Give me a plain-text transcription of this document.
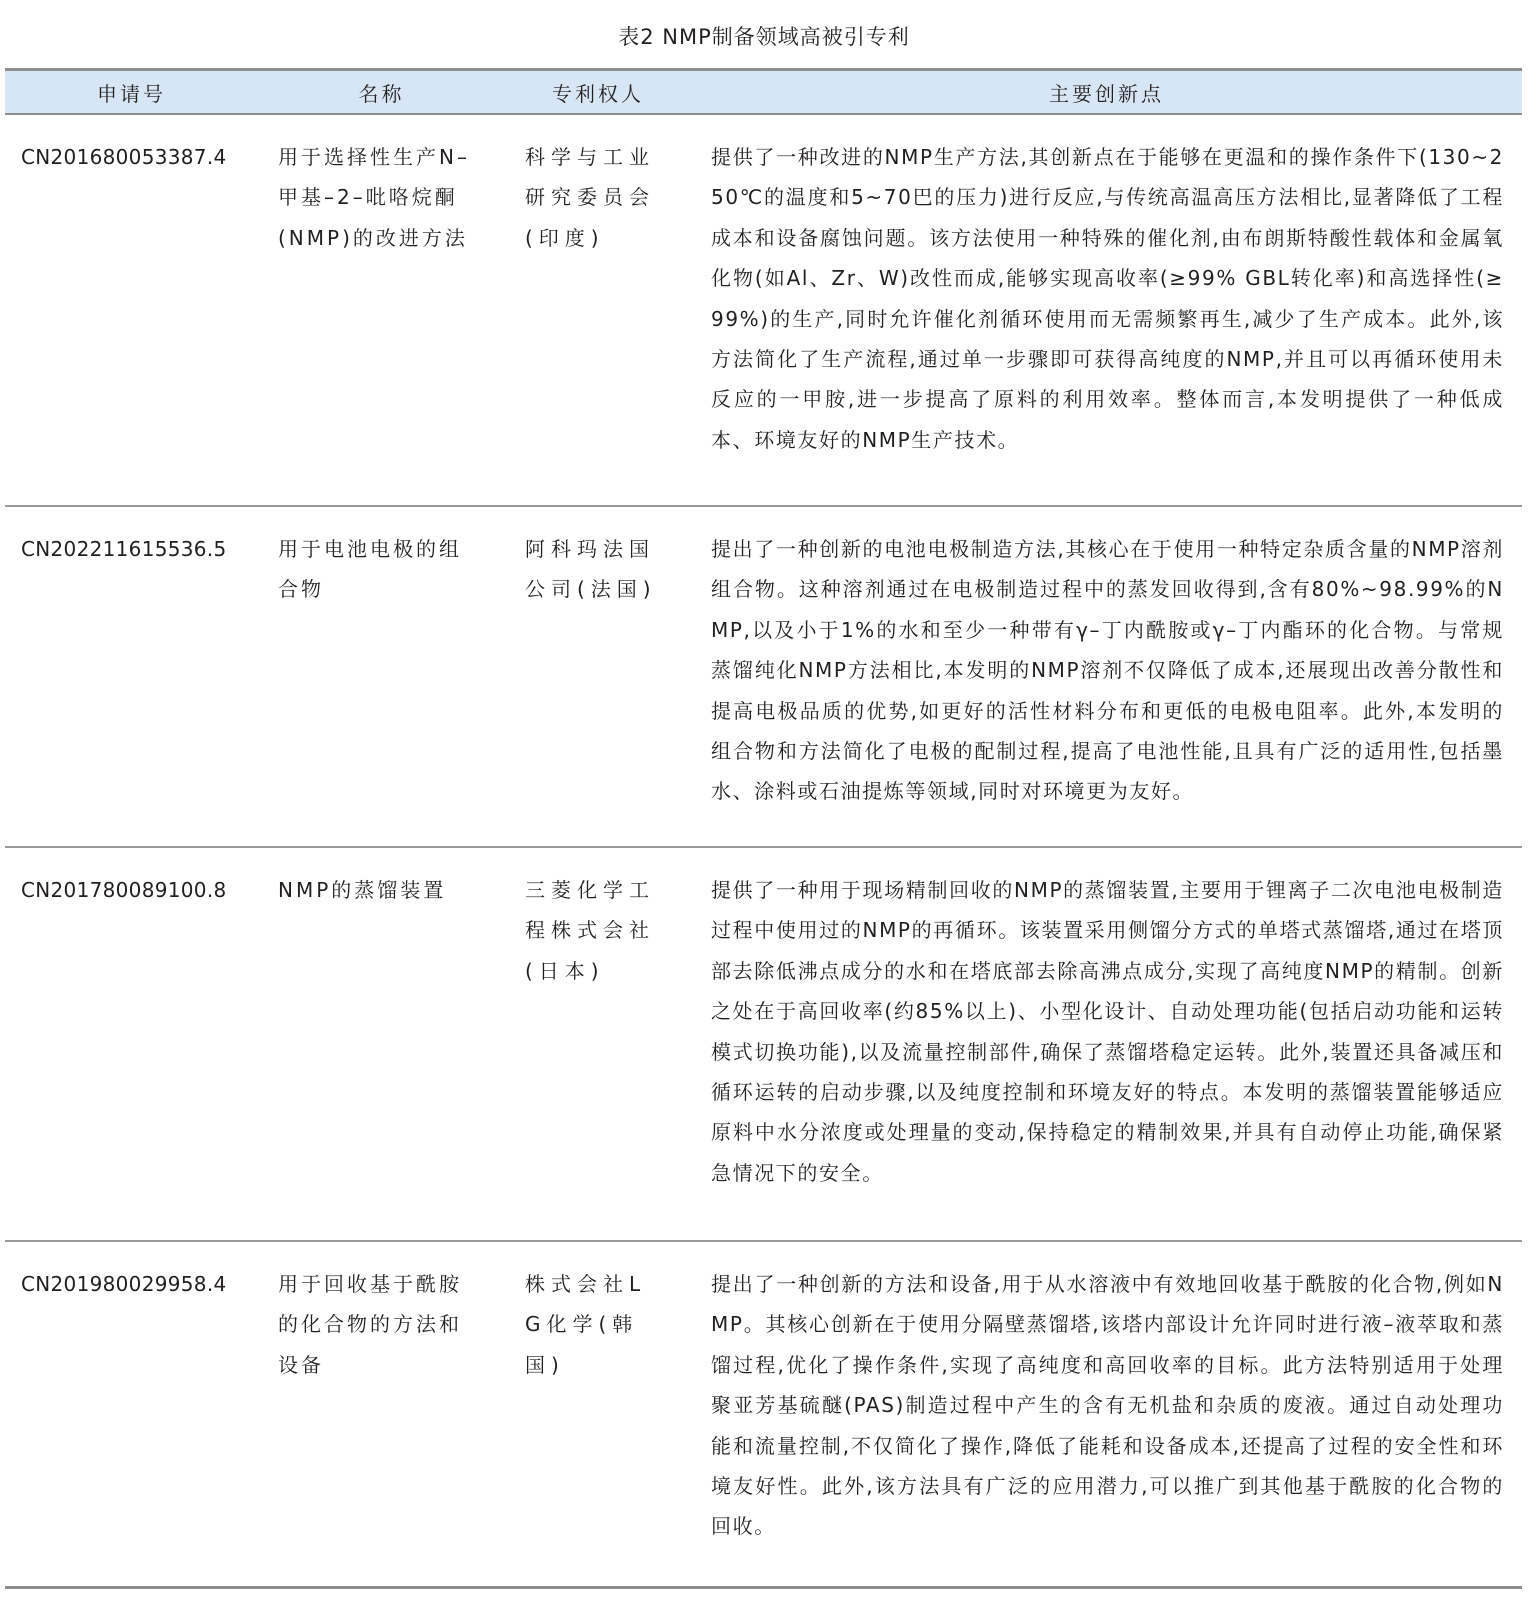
表2 NMP制备领域高被引专利
申请号	名称	专利权人	主要创新点
CN201680053387.4	用于选择性生产N–甲基–2–吡咯烷酮(NMP)的改进方法	科学与工业研究委员会(印度)	提供了一种改进的NMP生产方法,其创新点在于能够在更温和的操作条件下(130~250℃的温度和5~70巴的压力)进行反应,与传统高温高压方法相比,显著降低了工程成本和设备腐蚀问题。该方法使用一种特殊的催化剂,由布朗斯特酸性载体和金属氧化物(如Al、Zr、W)改性而成,能够实现高收率(≥99% GBL转化率)和高选择性(≥99%)的生产,同时允许催化剂循环使用而无需频繁再生,减少了生产成本。此外,该方法简化了生产流程,通过单一步骤即可获得高纯度的NMP,并且可以再循环使用未反应的一甲胺,进一步提高了原料的利用效率。整体而言,本发明提供了一种低成本、环境友好的NMP生产技术。
CN202211615536.5	用于电池电极的组合物	阿科玛法国公司(法国)	提出了一种创新的电池电极制造方法,其核心在于使用一种特定杂质含量的NMP溶剂组合物。这种溶剂通过在电极制造过程中的蒸发回收得到,含有80%~98.99%的NMP,以及小于1%的水和至少一种带有γ–丁内酰胺或γ–丁内酯环的化合物。与常规蒸馏纯化NMP方法相比,本发明的NMP溶剂不仅降低了成本,还展现出改善分散性和提高电极品质的优势,如更好的活性材料分布和更低的电极电阻率。此外,本发明的组合物和方法简化了电极的配制过程,提高了电池性能,且具有广泛的适用性,包括墨水、涂料或石油提炼等领域,同时对环境更为友好。
CN201780089100.8	NMP的蒸馏装置	三菱化学工程株式会社(日本)	提供了一种用于现场精制回收的NMP的蒸馏装置,主要用于锂离子二次电池电极制造过程中使用过的NMP的再循环。该装置采用侧馏分方式的单塔式蒸馏塔,通过在塔顶部去除低沸点成分的水和在塔底部去除高沸点成分,实现了高纯度NMP的精制。创新之处在于高回收率(约85%以上)、小型化设计、自动处理功能(包括启动功能和运转模式切换功能),以及流量控制部件,确保了蒸馏塔稳定运转。此外,装置还具备减压和循环运转的启动步骤,以及纯度控制和环境友好的特点。本发明的蒸馏装置能够适应原料中水分浓度或处理量的变动,保持稳定的精制效果,并具有自动停止功能,确保紧急情况下的安全。
CN201980029958.4	用于回收基于酰胺的化合物的方法和设备	株式会社LG化学(韩国)	提出了一种创新的方法和设备,用于从水溶液中有效地回收基于酰胺的化合物,例如NMP。其核心创新在于使用分隔壁蒸馏塔,该塔内部设计允许同时进行液–液萃取和蒸馏过程,优化了操作条件,实现了高纯度和高回收率的目标。此方法特别适用于处理聚亚芳基硫醚(PAS)制造过程中产生的含有无机盐和杂质的废液。通过自动处理功能和流量控制,不仅简化了操作,降低了能耗和设备成本,还提高了过程的安全性和环境友好性。此外,该方法具有广泛的应用潜力,可以推广到其他基于酰胺的化合物的回收。
